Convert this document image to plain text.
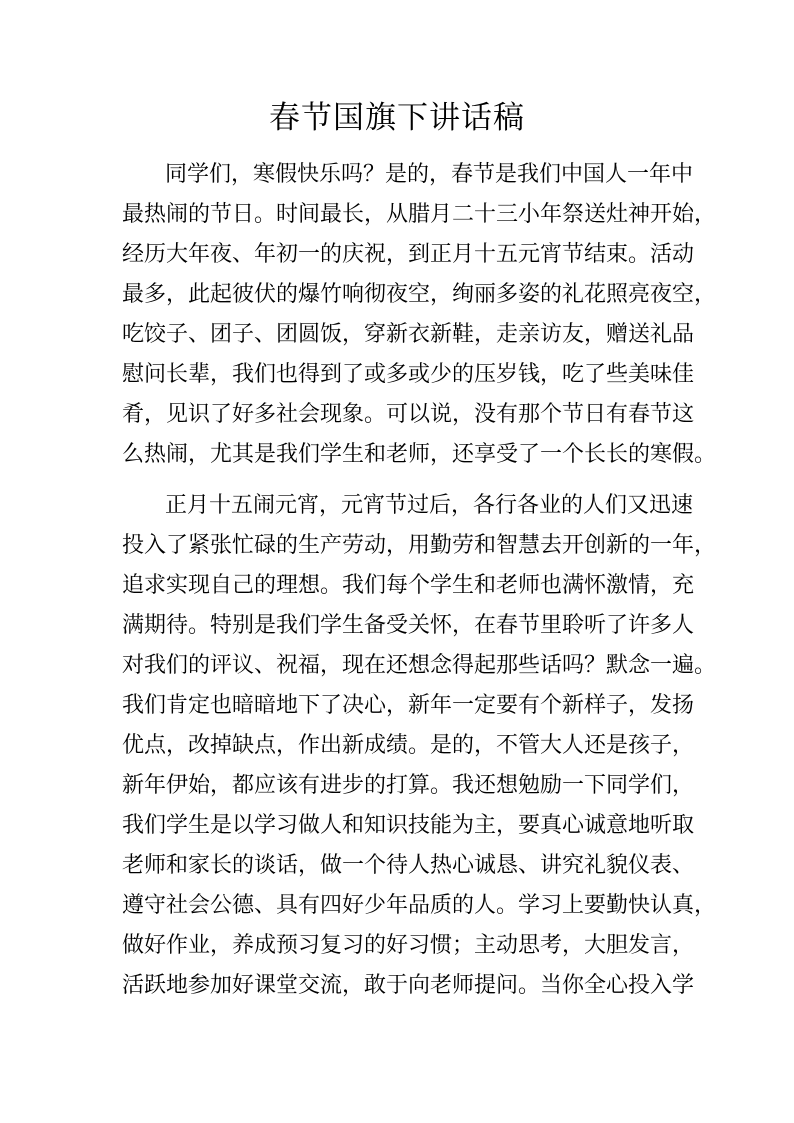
春节国旗下讲话稿

同学们，寒假快乐吗？是的，春节是我们中国人一年中

最热闹的节日。时间最长，从腊月二十三小年祭送灶神开始，

经历大年夜、年初一的庆祝，到正月十五元宵节结束。活动

最多，此起彼伏的爆竹响彻夜空，绚丽多姿的礼花照亮夜空，

吃饺子、团子、团圆饭，穿新衣新鞋，走亲访友，赠送礼品

慰问长辈，我们也得到了或多或少的压岁钱，吃了些美味佳

肴，见识了好多社会现象。可以说，没有那个节日有春节这

么热闹，尤其是我们学生和老师，还享受了一个长长的寒假。

正月十五闹元宵，元宵节过后，各行各业的人们又迅速

投入了紧张忙碌的生产劳动，用勤劳和智慧去开创新的一年，

追求实现自己的理想。我们每个学生和老师也满怀激情，充

满期待。特别是我们学生备受关怀，在春节里聆听了许多人

对我们的评议、祝福，现在还想念得起那些话吗？默念一遍。

我们肯定也暗暗地下了决心，新年一定要有个新样子，发扬

优点，改掉缺点，作出新成绩。是的，不管大人还是孩子，

新年伊始，都应该有进步的打算。我还想勉励一下同学们，

我们学生是以学习做人和知识技能为主，要真心诚意地听取

老师和家长的谈话，做一个待人热心诚恳、讲究礼貌仪表、

遵守社会公德、具有四好少年品质的人。学习上要勤快认真，

做好作业，养成预习复习的好习惯；主动思考，大胆发言，

活跃地参加好课堂交流，敢于向老师提问。当你全心投入学
